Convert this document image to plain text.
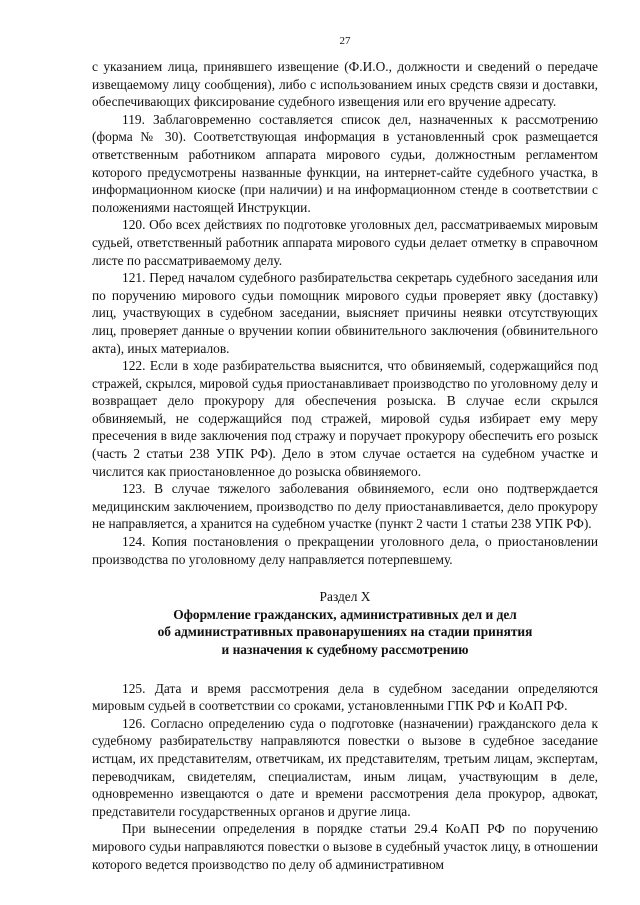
27

с указанием лица, принявшего извещение (Ф.И.О., должности и сведений о передаче извещаемому лицу сообщения), либо с использованием иных средств связи и доставки, обеспечивающих фиксирование судебного извещения или его вручение адресату.

119. Заблаговременно составляется список дел, назначенных к рассмотрению (форма № 30). Соответствующая информация в установленный срок размещается ответственным работником аппарата мирового судьи, должностным регламентом которого предусмотрены названные функции, на интернет-сайте судебного участка, в информационном киоске (при наличии) и на информационном стенде в соответствии с положениями настоящей Инструкции.

120. Обо всех действиях по подготовке уголовных дел, рассматриваемых мировым судьей, ответственный работник аппарата мирового судьи делает отметку в справочном листе по рассматриваемому делу.

121. Перед началом судебного разбирательства секретарь судебного заседания или по поручению мирового судьи помощник мирового судьи проверяет явку (доставку) лиц, участвующих в судебном заседании, выясняет причины неявки отсутствующих лиц, проверяет данные о вручении копии обвинительного заключения (обвинительного акта), иных материалов.

122. Если в ходе разбирательства выяснится, что обвиняемый, содержащийся под стражей, скрылся, мировой судья приостанавливает производство по уголовному делу и возвращает дело прокурору для обеспечения розыска. В случае если скрылся обвиняемый, не содержащийся под стражей, мировой судья избирает ему меру пресечения в виде заключения под стражу и поручает прокурору обеспечить его розыск (часть 2 статьи 238 УПК РФ). Дело в этом случае остается на судебном участке и числится как приостановленное до розыска обвиняемого.

123. В случае тяжелого заболевания обвиняемого, если оно подтверждается медицинским заключением, производство по делу приостанавливается, дело прокурору не направляется, а хранится на судебном участке (пункт 2 части 1 статьи 238 УПК РФ).

124. Копия постановления о прекращении уголовного дела, о приостановлении производства по уголовному делу направляется потерпевшему.

Раздел X
Оформление гражданских, административных дел и дел
об административных правонарушениях на стадии принятия
и назначения к судебному рассмотрению

125. Дата и время рассмотрения дела в судебном заседании определяются мировым судьей в соответствии со сроками, установленными ГПК РФ и КоАП РФ.

126. Согласно определению суда о подготовке (назначении) гражданского дела к судебному разбирательству направляются повестки о вызове в судебное заседание истцам, их представителям, ответчикам, их представителям, третьим лицам, экспертам, переводчикам, свидетелям, специалистам, иным лицам, участвующим в деле, одновременно извещаются о дате и времени рассмотрения дела прокурор, адвокат, представители государственных органов и другие лица.

При вынесении определения в порядке статьи 29.4 КоАП РФ по поручению мирового судьи направляются повестки о вызове в судебный участок лицу, в отношении которого ведется производство по делу об административном
